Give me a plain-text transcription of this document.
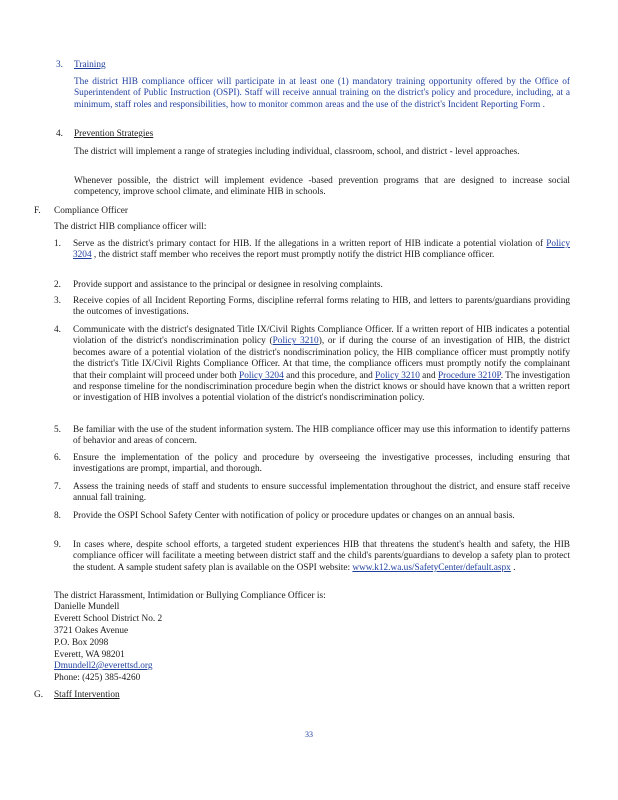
3. Training
The district HIB compliance officer will participate in at least one (1) mandatory training opportunity offered by the Office of Superintendent of Public Instruction (OSPI). Staff will receive annual training on the district's policy and procedure, including, at a minimum, staff roles and responsibilities, how to monitor common areas and the use of the district's Incident Reporting Form .
4. Prevention Strategies
The district will implement a range of strategies including individual, classroom, school, and district - level approaches.
Whenever possible, the district will implement evidence -based prevention programs that are designed to increase social competency, improve school climate, and eliminate HIB in schools.
F. Compliance Officer
The district HIB compliance officer will:
1. Serve as the district's primary contact for HIB. If the allegations in a written report of HIB indicate a potential violation of Policy 3204 , the district staff member who receives the report must promptly notify the district HIB compliance officer.
2. Provide support and assistance to the principal or designee in resolving complaints.
3. Receive copies of all Incident Reporting Forms, discipline referral forms relating to HIB, and letters to parents/guardians providing the outcomes of investigations.
4. Communicate with the district's designated Title IX/Civil Rights Compliance Officer. If a written report of HIB indicates a potential violation of the district's nondiscrimination policy (Policy 3210), or if during the course of an investigation of HIB, the district becomes aware of a potential violation of the district's nondiscrimination policy, the HIB compliance officer must promptly notify the district's Title IX/Civil Rights Compliance Officer. At that time, the compliance officers must promptly notify the complainant that their complaint will proceed under both Policy 3204 and this procedure, and Policy 3210 and Procedure 3210P. The investigation and response timeline for the nondiscrimination procedure begin when the district knows or should have known that a written report or investigation of HIB involves a potential violation of the district's nondiscrimination policy.
5. Be familiar with the use of the student information system. The HIB compliance officer may use this information to identify patterns of behavior and areas of concern.
6. Ensure the implementation of the policy and procedure by overseeing the investigative processes, including ensuring that investigations are prompt, impartial, and thorough.
7. Assess the training needs of staff and students to ensure successful implementation throughout the district, and ensure staff receive annual fall training.
8. Provide the OSPI School Safety Center with notification of policy or procedure updates or changes on an annual basis.
9. In cases where, despite school efforts, a targeted student experiences HIB that threatens the student's health and safety, the HIB compliance officer will facilitate a meeting between district staff and the child's parents/guardians to develop a safety plan to protect the student. A sample student safety plan is available on the OSPI website: www.k12.wa.us/SafetyCenter/default.aspx .
The district Harassment, Intimidation or Bullying Compliance Officer is:
Danielle Mundell
Everett School District No. 2
3721 Oakes Avenue
P.O. Box 2098
Everett, WA 98201
Dmundell2@everettsd.org
Phone: (425) 385-4260
G. Staff Intervention
33
